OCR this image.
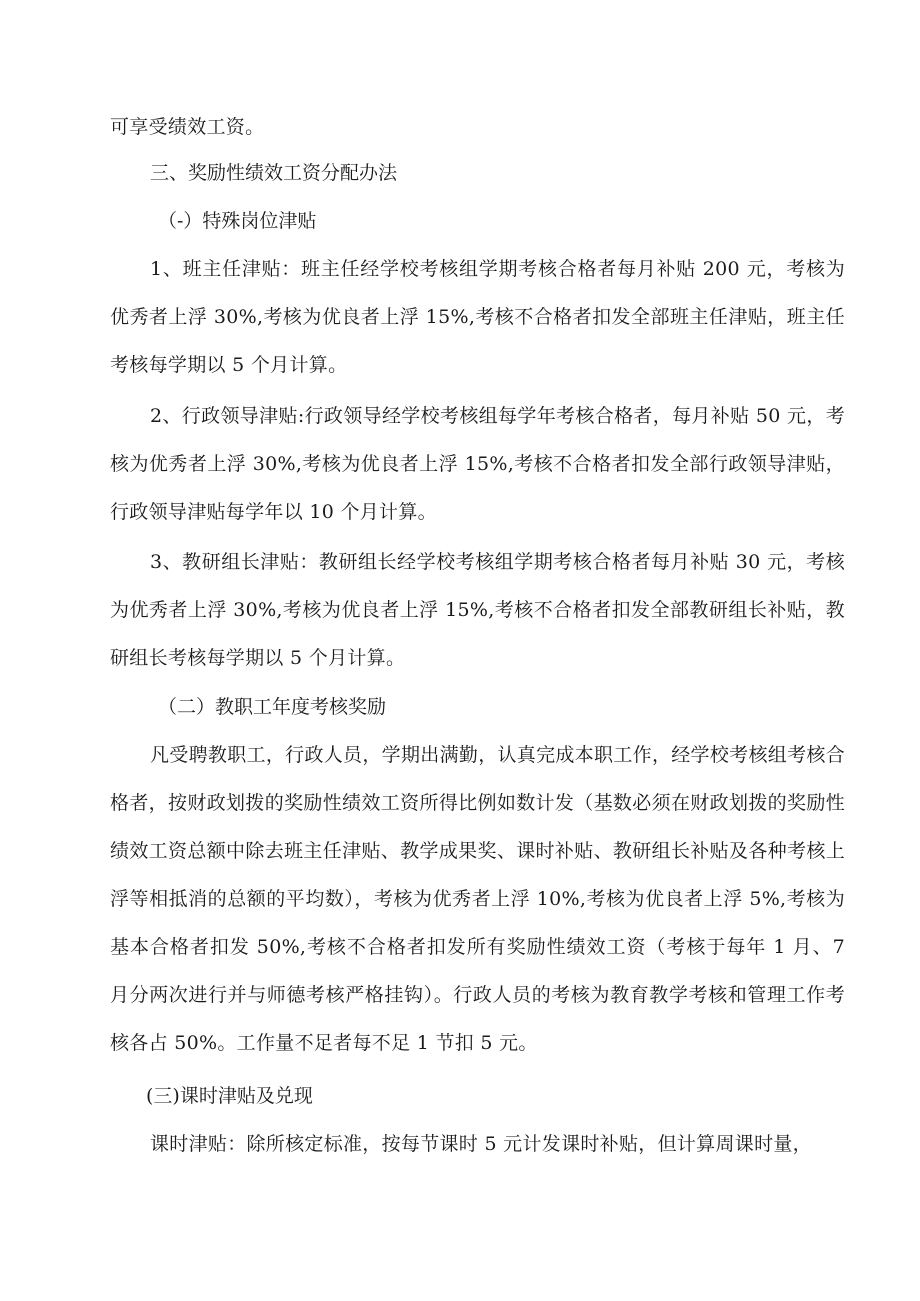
可享受绩效工资。
三、奖励性绩效工资分配办法
（-）特殊岗位津贴
1、班主任津贴：班主任经学校考核组学期考核合格者每月补贴 200 元，考核为优秀者上浮 30%,考核为优良者上浮 15%,考核不合格者扣发全部班主任津贴，班主任考核每学期以 5 个月计算。
2、行政领导津贴:行政领导经学校考核组每学年考核合格者，每月补贴 50 元，考核为优秀者上浮 30%,考核为优良者上浮 15%,考核不合格者扣发全部行政领导津贴，行政领导津贴每学年以 10 个月计算。
3、教研组长津贴：教研组长经学校考核组学期考核合格者每月补贴 30 元，考核为优秀者上浮 30%,考核为优良者上浮 15%,考核不合格者扣发全部教研组长补贴，教研组长考核每学期以 5 个月计算。
（二）教职工年度考核奖励
凡受聘教职工，行政人员，学期出满勤，认真完成本职工作，经学校考核组考核合格者，按财政划拨的奖励性绩效工资所得比例如数计发（基数必须在财政划拨的奖励性绩效工资总额中除去班主任津贴、教学成果奖、课时补贴、教研组长补贴及各种考核上浮等相抵消的总额的平均数），考核为优秀者上浮 10%,考核为优良者上浮 5%,考核为基本合格者扣发 50%,考核不合格者扣发所有奖励性绩效工资（考核于每年 1 月、7 月分两次进行并与师德考核严格挂钩）。行政人员的考核为教育教学考核和管理工作考核各占 50%。工作量不足者每不足 1 节扣 5 元。
(三)课时津贴及兑现
课时津贴：除所核定标准，按每节课时 5 元计发课时补贴，但计算周课时量，
